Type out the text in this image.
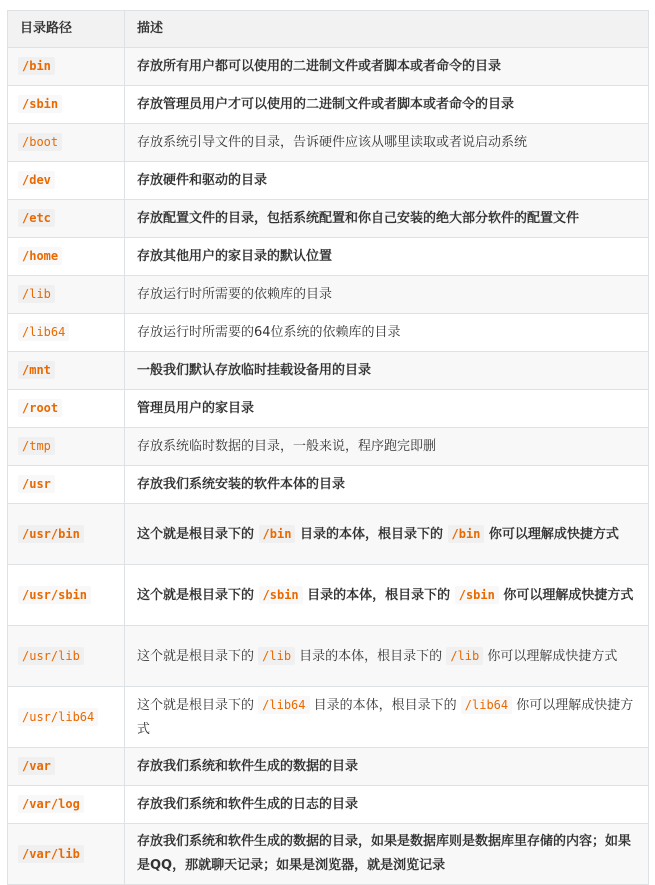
目录路径	描述
/bin	存放所有用户都可以使用的二进制文件或者脚本或者命令的目录
/sbin	存放管理员用户才可以使用的二进制文件或者脚本或者命令的目录
/boot	存放系统引导文件的目录，告诉硬件应该从哪里读取或者说启动系统
/dev	存放硬件和驱动的目录
/etc	存放配置文件的目录，包括系统配置和你自己安装的绝大部分软件的配置文件
/home	存放其他用户的家目录的默认位置
/lib	存放运行时所需要的依赖库的目录
/lib64	存放运行时所需要的64位系统的依赖库的目录
/mnt	一般我们默认存放临时挂载设备用的目录
/root	管理员用户的家目录
/tmp	存放系统临时数据的目录，一般来说，程序跑完即删
/usr	存放我们系统安装的软件本体的目录
/usr/bin	这个就是根目录下的 /bin 目录的本体，根目录下的 /bin 你可以理解成快捷方式
/usr/sbin	这个就是根目录下的 /sbin 目录的本体，根目录下的 /sbin 你可以理解成快捷方式
/usr/lib	这个就是根目录下的 /lib 目录的本体，根目录下的 /lib 你可以理解成快捷方式
/usr/lib64	这个就是根目录下的 /lib64 目录的本体，根目录下的 /lib64 你可以理解成快捷方式
/var	存放我们系统和软件生成的数据的目录
/var/log	存放我们系统和软件生成的日志的目录
/var/lib	存放我们系统和软件生成的数据的目录，如果是数据库则是数据库里存储的内容；如果是QQ，那就聊天记录；如果是浏览器，就是浏览记录
